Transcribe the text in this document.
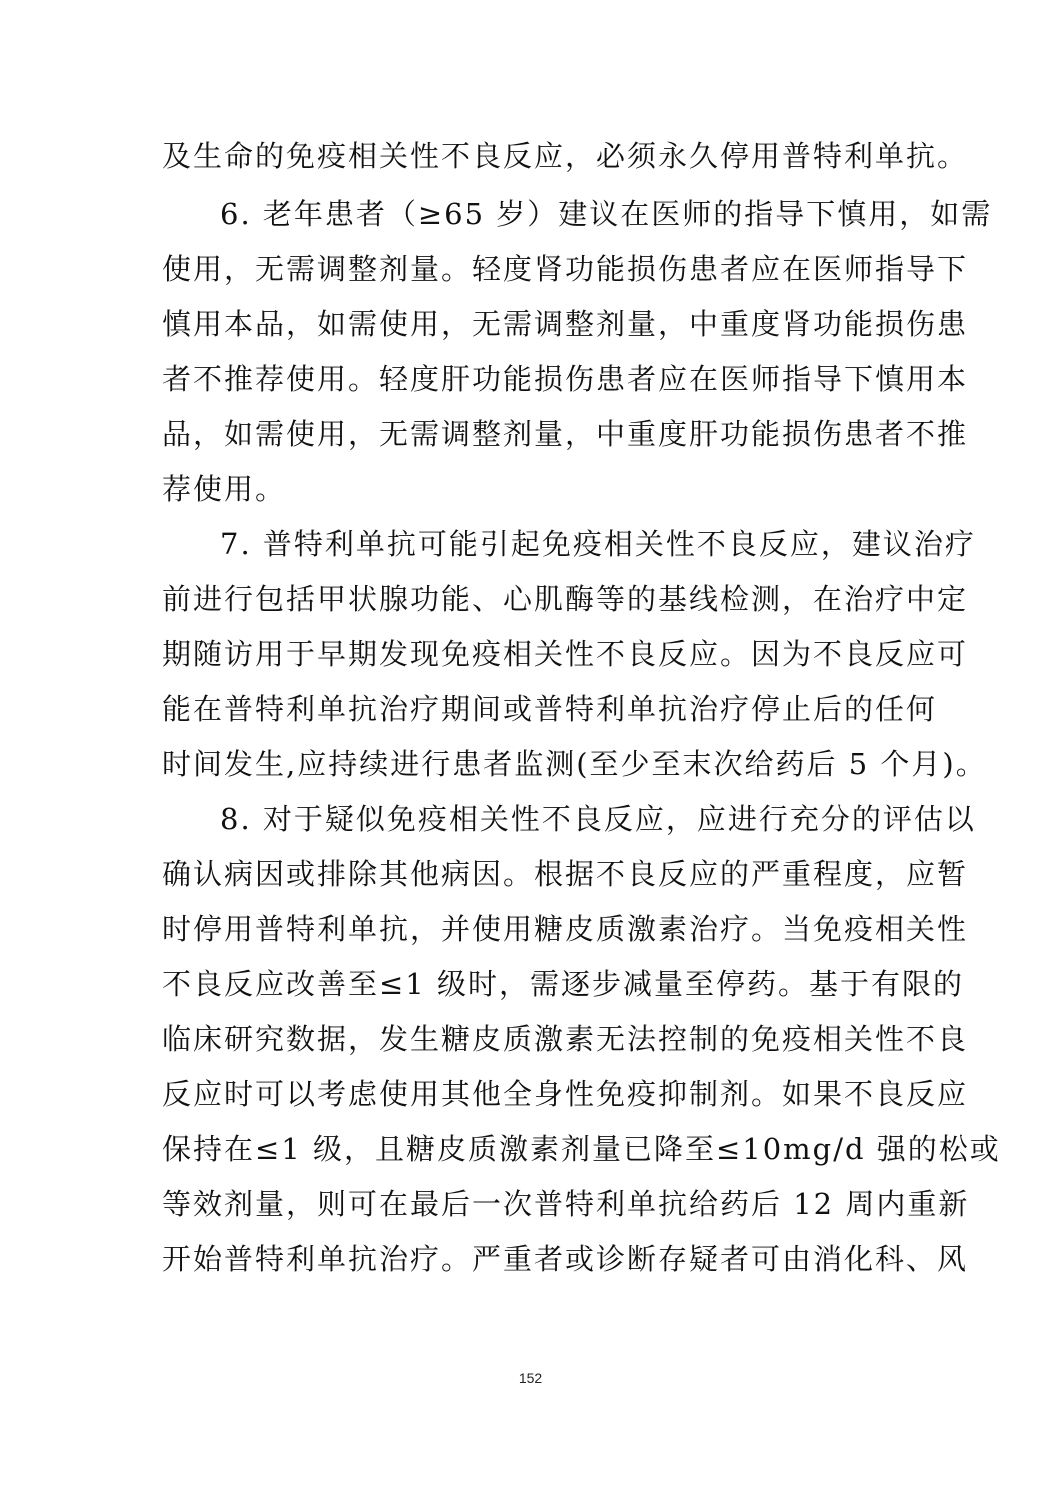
及生命的免疫相关性不良反应，必须永久停用普特利单抗。
6. 老年患者（≥65 岁）建议在医师的指导下慎用，如需
使用，无需调整剂量。轻度肾功能损伤患者应在医师指导下
慎用本品，如需使用，无需调整剂量，中重度肾功能损伤患
者不推荐使用。轻度肝功能损伤患者应在医师指导下慎用本
品，如需使用，无需调整剂量，中重度肝功能损伤患者不推
荐使用。
7. 普特利单抗可能引起免疫相关性不良反应，建议治疗
前进行包括甲状腺功能、心肌酶等的基线检测，在治疗中定
期随访用于早期发现免疫相关性不良反应。因为不良反应可
能在普特利单抗治疗期间或普特利单抗治疗停止后的任何
时间发生,应持续进行患者监测(至少至末次给药后 5 个月)。
8. 对于疑似免疫相关性不良反应，应进行充分的评估以
确认病因或排除其他病因。根据不良反应的严重程度，应暂
时停用普特利单抗，并使用糖皮质激素治疗。当免疫相关性
不良反应改善至≤1 级时，需逐步减量至停药。基于有限的
临床研究数据，发生糖皮质激素无法控制的免疫相关性不良
反应时可以考虑使用其他全身性免疫抑制剂。如果不良反应
保持在≤1 级，且糖皮质激素剂量已降至≤10mg/d 强的松或
等效剂量，则可在最后一次普特利单抗给药后 12 周内重新
开始普特利单抗治疗。严重者或诊断存疑者可由消化科、风
152
